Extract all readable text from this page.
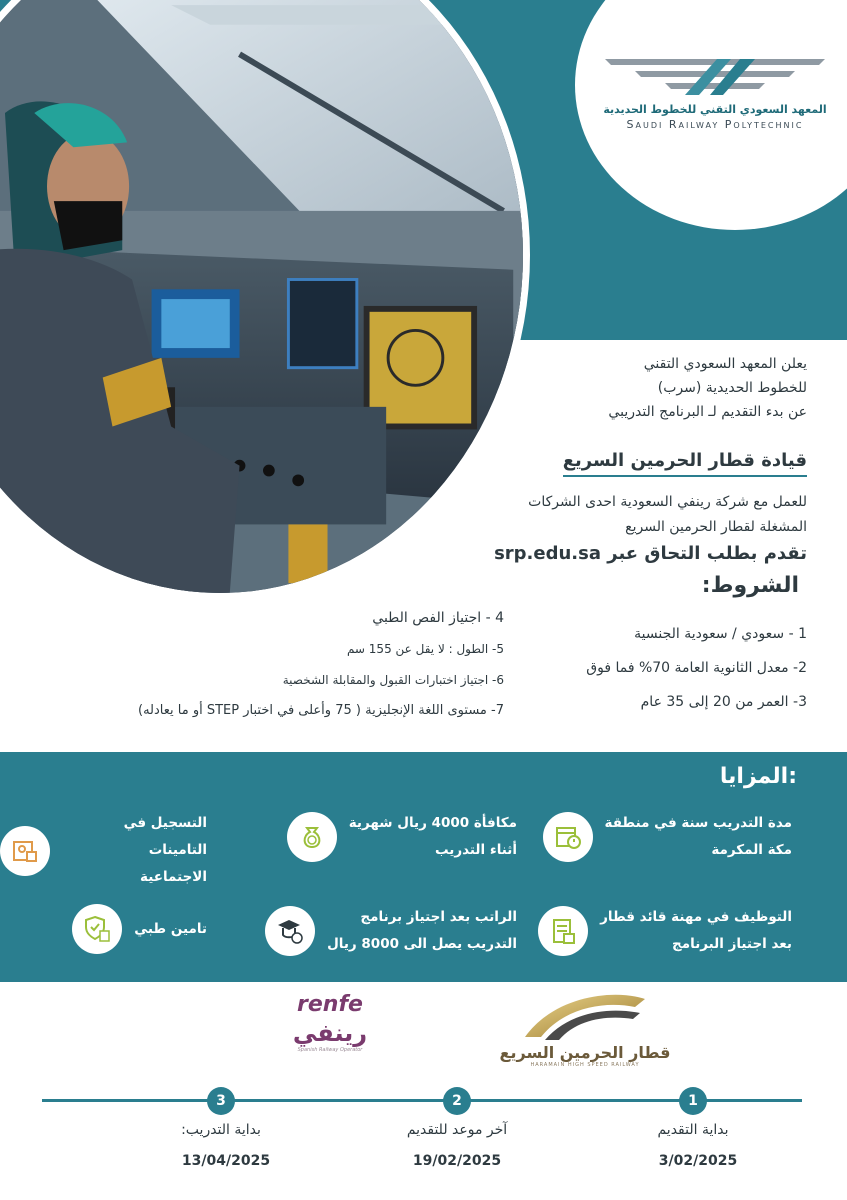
المعهد السعودي التقني للخطوط الحديدية
Saudi Railway Polytechnic
يعلن المعهد السعودي التقني
للخطوط الحديدية (سرب)
عن بدء التقديم لـ البرنامج التدريبي
قيادة قطار الحرمين السريع
للعمل مع شركة رينفي السعودية احدى الشركات
المشغلة لقطار الحرمين السريع
تقدم بطلب التحاق عبر srp.edu.sa
الشروط:
1 - سعودي / سعودية الجنسية
2- معدل الثانوية العامة 70% فما فوق
3- العمر من 20 إلى 35 عام
4 - اجتياز الفص الطبي
5- الطول : لا يقل عن 155 سم
6- اجتياز اختبارات القبول والمقابلة الشخصية
7- مستوى اللغة الإنجليزية ( 75 وأعلى في اختبار STEP أو ما يعادله)
المزايا:
مدة التدريب سنة في منطقة
مكة المكرمة
مكافأة 4000 ريال شهرية
أثناء التدريب
التسجيل في التامينات
الاجتماعية
التوظيف في مهنة قائد قطار
بعد اجتياز البرنامج
الراتب بعد اجتياز برنامج
التدريب يصل الى 8000 ريال
تامين طبي
renfe
رينفي
Spanish Railway Operator	قطار الحرمين السريع
HARAMAIN HIGH SPEED RAILWAY
1
2
3
بداية التقديم
آخر موعد للتقديم
بداية التدريب:
3/02/2025
19/02/2025
13/04/2025
